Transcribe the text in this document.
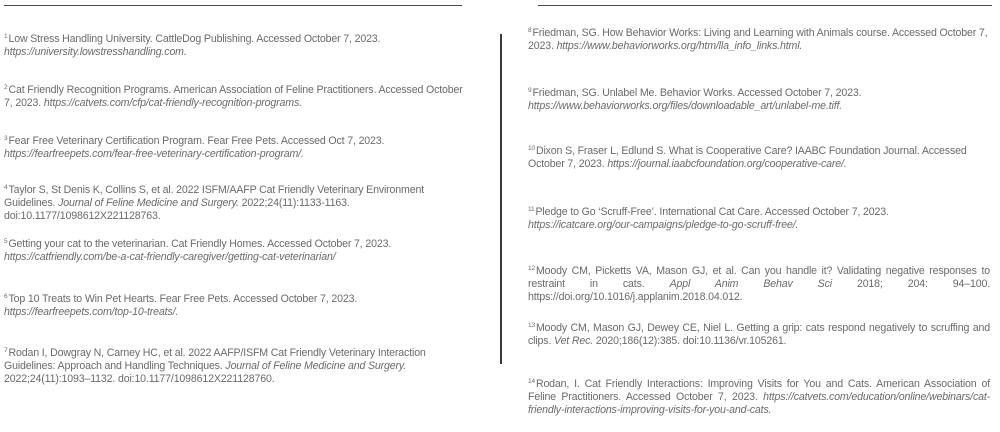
$^1$Low Stress Handling University. CattleDog Publishing. Accessed October 7, 2023.
https://university.lowstresshandling.com.
$^2$Cat Friendly Recognition Programs. American Association of Feline Practitioners. Accessed October 7, 2023. https://catvets.com/cfp/cat-friendly-recognition-programs.
$^3$Fear Free Veterinary Certification Program. Fear Free Pets. Accessed Oct 7, 2023.
https://fearfreepets.com/fear-free-veterinary-certification-program/.
$^4$Taylor S, St Denis K, Collins S, et al. 2022 ISFM/AAFP Cat Friendly Veterinary Environment Guidelines. Journal of Feline Medicine and Surgery. 2022;24(11):1133-1163. doi:10.1177/1098612X221128763.
$^5$Getting your cat to the veterinarian. Cat Friendly Homes. Accessed October 7, 2023.
https://catfriendly.com/be-a-cat-friendly-caregiver/getting-cat-veterinarian/
$^6$Top 10 Treats to Win Pet Hearts. Fear Free Pets. Accessed October 7, 2023.
https://fearfreepets.com/top-10-treats/.
$^7$Rodan I, Dowgray N, Carney HC, et al. 2022 AAFP/ISFM Cat Friendly Veterinary Interaction Guidelines: Approach and Handling Techniques. Journal of Feline Medicine and Surgery. 2022;24(11):1093–1132. doi:10.1177/1098612X221128760.
$^8$Friedman, SG. How Behavior Works: Living and Learning with Animals course. Accessed October 7, 2023. https://www.behaviorworks.org/htm/lla_info_links.html.
$^9$Friedman, SG. Unlabel Me. Behavior Works. Accessed October 7, 2023.
https://www.behaviorworks.org/files/downloadable_art/unlabel-me.tiff.
$^{10}$Dixon S, Fraser L, Edlund S. What is Cooperative Care? IAABC Foundation Journal. Accessed October 7, 2023. https://journal.iaabcfoundation.org/cooperative-care/.
$^{11}$Pledge to Go ‘Scruff-Free’. International Cat Care. Accessed October 7, 2023.
https://icatcare.org/our-campaigns/pledge-to-go-scruff-free/.
$^{12}$Moody CM, Picketts VA, Mason GJ, et al. Can you handle it? Validating negative responses to restraint in cats. Appl Anim Behav Sci 2018; 204: 94–100. https://doi.org/10.1016/j.applanim.2018.04.012.
$^{13}$Moody CM, Mason GJ, Dewey CE, Niel L. Getting a grip: cats respond negatively to scruffing and clips. Vet Rec. 2020;186(12):385. doi:10.1136/vr.105261.
$^{14}$Rodan, I. Cat Friendly Interactions: Improving Visits for You and Cats. American Association of Feline Practitioners. Accessed October 7, 2023. https://catvets.com/education/online/webinars/cat-friendly-interactions-improving-visits-for-you-and-cats.
